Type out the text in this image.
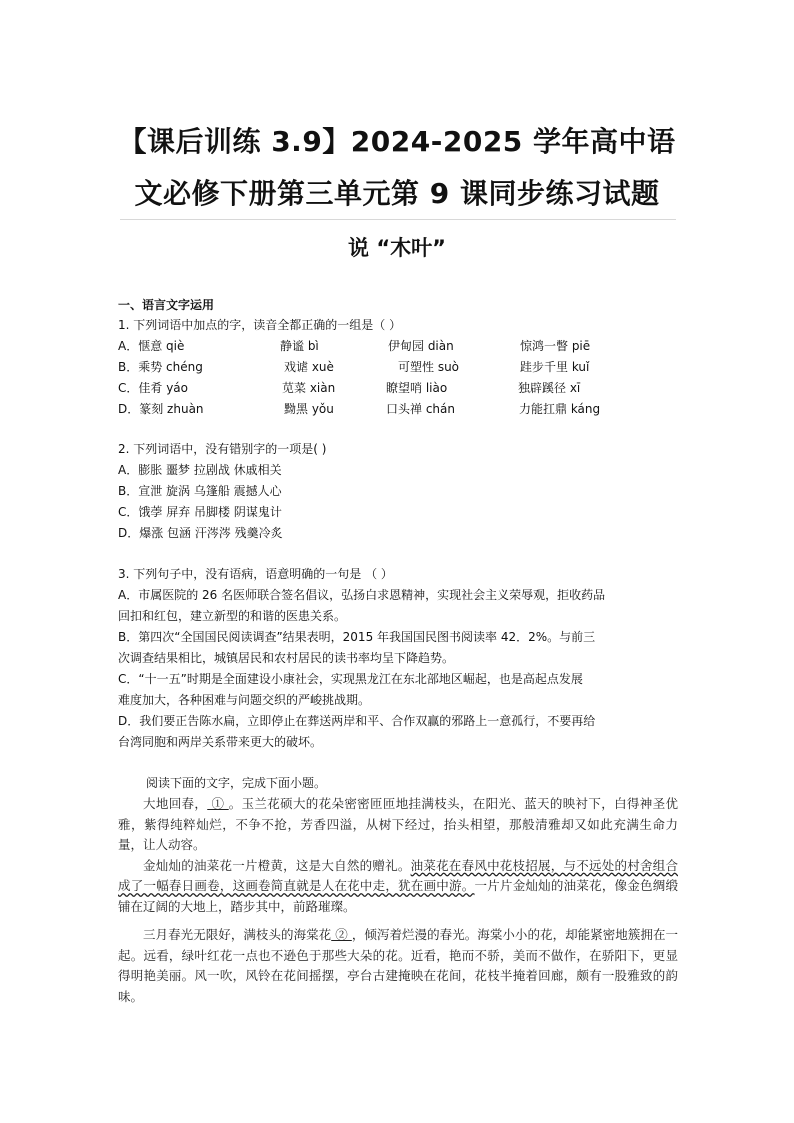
【课后训练 3.9】2024-2025 学年高中语
文必修下册第三单元第 9 课同步练习试题
说 “木叶”
一、语言文字运用
1. 下列词语中加点的字，读音全都正确的一组是（ ）
A．惬意 qiè	静谧 bì	伊甸园 diàn	惊鸿一瞥 piē
B．乘势 chéng	戏谑 xuè	可塑性 suò	跬步千里 kuǐ
C．佳肴 yáo	苋菜 xiàn	瞭望哨 liào	独辟蹊径 xī
D．篆刻 zhuàn	黝黑 yǒu	口头禅 chán	力能扛鼎 káng
2. 下列词语中，没有错别字的一项是( )
A．膨胀 噩梦 拉剧战 休戚相关
B．宣泄 旋涡 乌篷船 震撼人心
C．饿荸 屏弃 吊脚楼 阴谋鬼计
D．爆涨 包涵 汗涔涔 残羹冷炙
3. 下列句子中，没有语病，语意明确的一句是 （ ）
A．市属医院的 26 名医师联合签名倡议，弘扬白求恩精神，实现社会主义荣辱观，拒收药品
回扣和红包，建立新型的和谐的医患关系。
B．第四次“全国国民阅读调查”结果表明，2015 年我国国民图书阅读率 42．2%。与前三
次调查结果相比，城镇居民和农村居民的读书率均呈下降趋势。
C．“十一五”时期是全面建设小康社会，实现黑龙江在东北部地区崛起，也是高起点发展
难度加大，各种困难与问题交织的严峻挑战期。
D．我们要正告陈水扁，立即停止在葬送两岸和平、合作双赢的邪路上一意孤行，不要再给
台湾同胞和两岸关系带来更大的破坏。
阅读下面的文字，完成下面小题。

大地回春， ① 。玉兰花硕大的花朵密密匝匝地挂满枝头，在阳光、蓝天的映衬下，白得神圣优雅，紫得纯粹灿烂，不争不抢，芳香四溢，从树下经过，抬头相望，那般清雅却又如此充满生命力量，让人动容。

金灿灿的油菜花一片橙黄，这是大自然的赠礼。油菜花在春风中花枝招展，与不远处的村舍组合成了一幅春日画卷，这画卷简直就是人在花中走，犹在画中游。一片片金灿灿的油菜花，像金色绸缎铺在辽阔的大地上，踏步其中，前路璀璨。

三月春光无限好，满枝头的海棠花 ② ，倾泻着烂漫的春光。海棠小小的花，却能紧密地簇拥在一起。远看，绿叶红花一点也不逊色于那些大朵的花。近看，艳而不骄，美而不做作，在骄阳下，更显得明艳美丽。风一吹，风铃在花间摇摆，亭台古建掩映在花间，花枝半掩着回廊，颇有一股雅致的韵味。
